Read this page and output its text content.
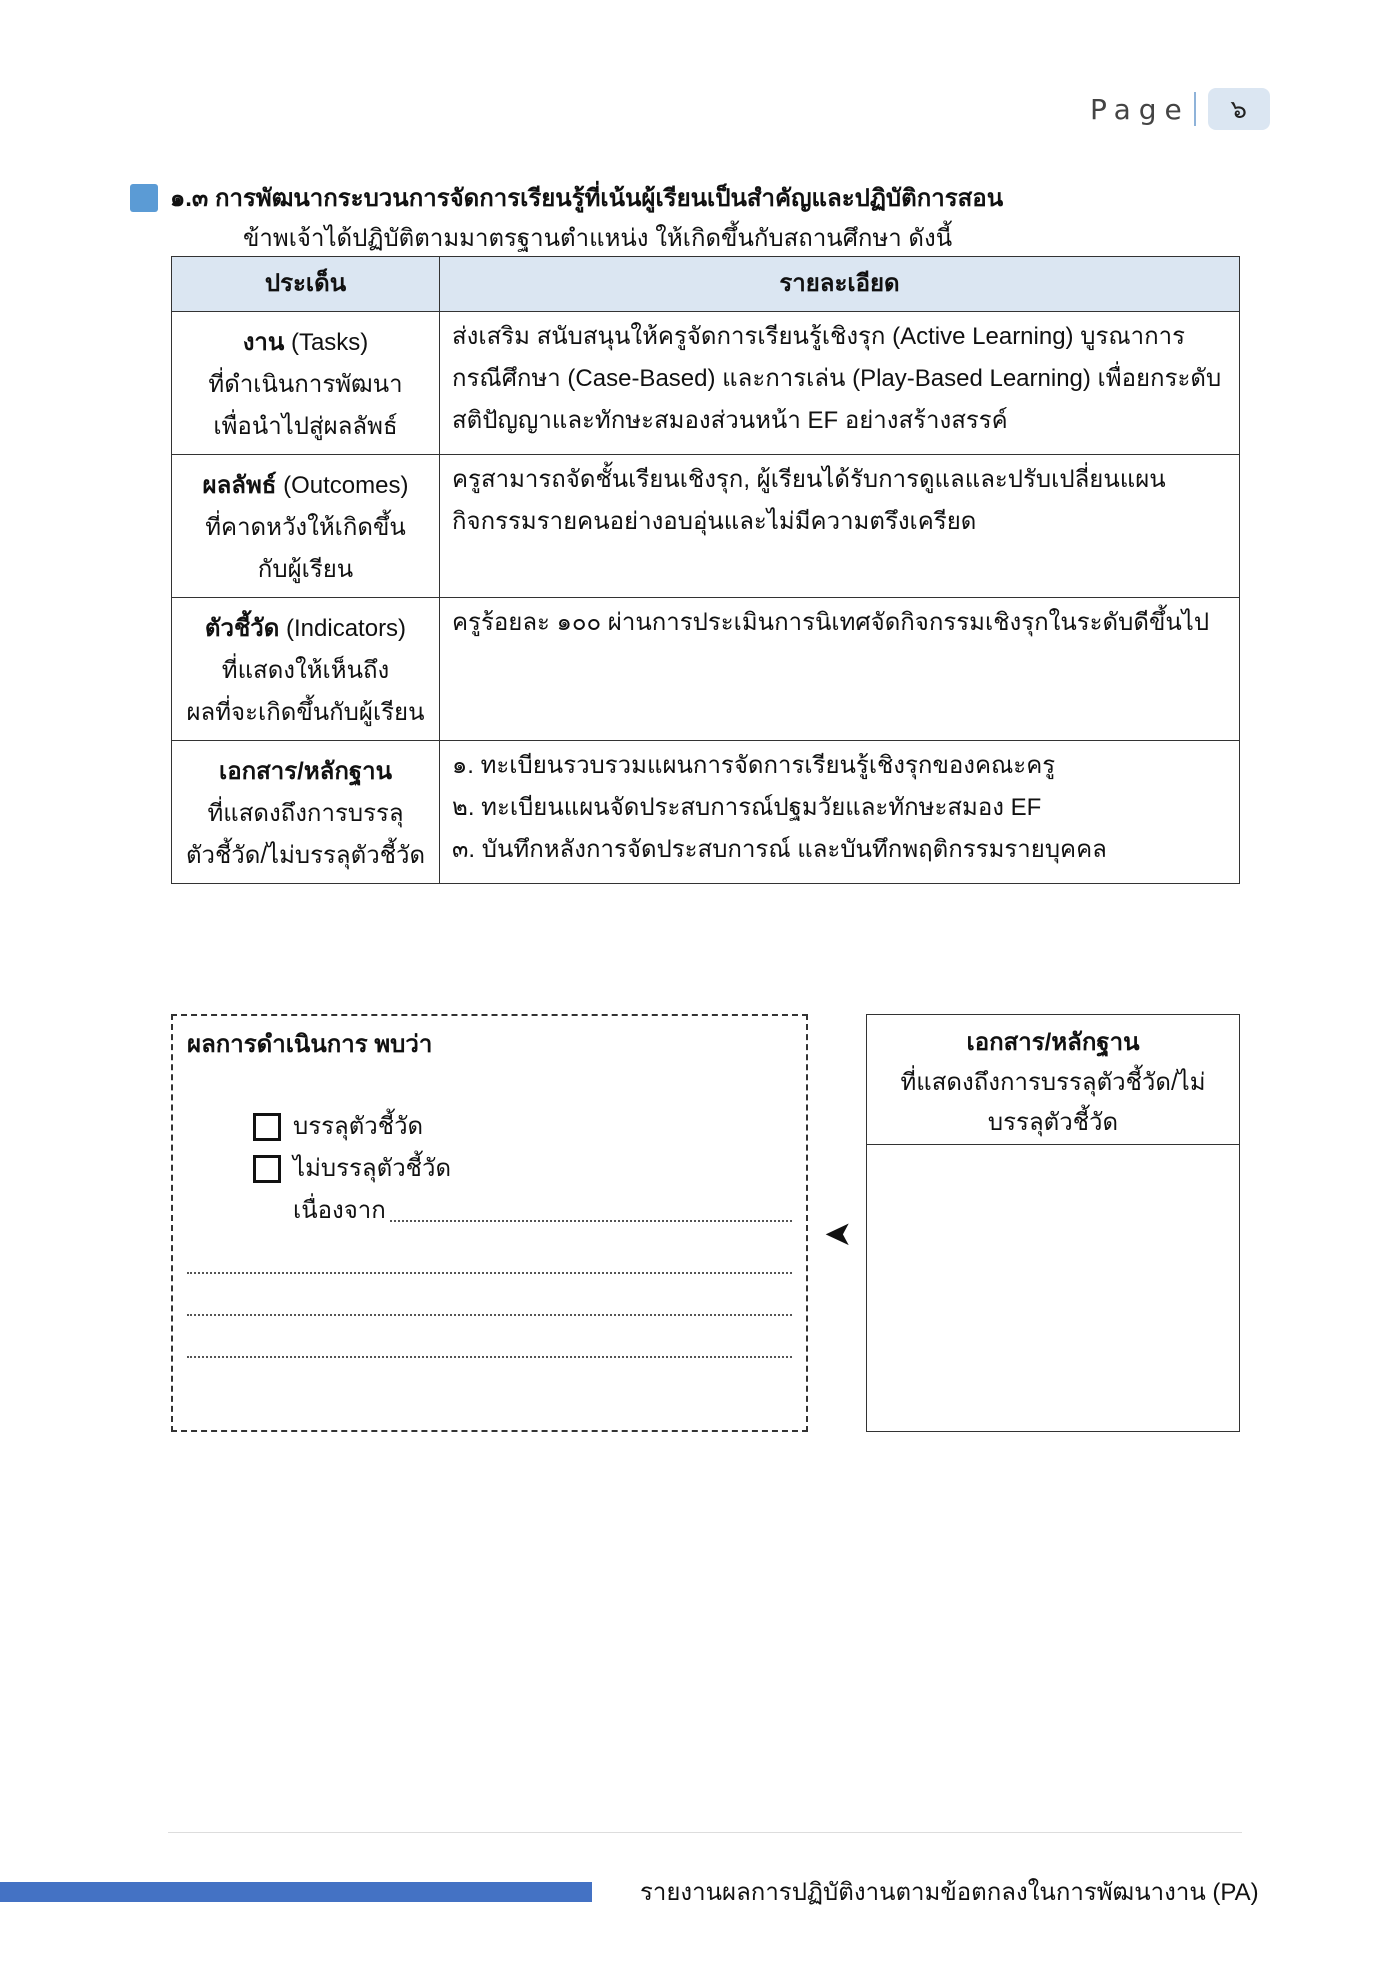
Page	๖
๑.๓ การพัฒนากระบวนการจัดการเรียนรู้ที่เน้นผู้เรียนเป็นสำคัญและปฏิบัติการสอน
ข้าพเจ้าได้ปฏิบัติตามมาตรฐานตำแหน่ง ให้เกิดขึ้นกับสถานศึกษา ดังนี้
ประเด็น	รายละเอียด

งาน (Tasks)
ที่ดำเนินการพัฒนา
เพื่อนำไปสู่ผลลัพธ์	ส่งเสริม สนับสนุนให้ครูจัดการเรียนรู้เชิงรุก (Active Learning) บูรณาการกรณีศึกษา (Case-Based) และการเล่น (Play-Based Learning) เพื่อยกระดับสติปัญญาและทักษะสมองส่วนหน้า EF อย่างสร้างสรรค์

ผลลัพธ์ (Outcomes)
ที่คาดหวังให้เกิดขึ้น
กับผู้เรียน	ครูสามารถจัดชั้นเรียนเชิงรุก, ผู้เรียนได้รับการดูแลและปรับเปลี่ยนแผนกิจกรรมรายคนอย่างอบอุ่นและไม่มีความตรึงเครียด

ตัวชี้วัด (Indicators)
ที่แสดงให้เห็นถึง
ผลที่จะเกิดขึ้นกับผู้เรียน	ครูร้อยละ ๑๐๐ ผ่านการประเมินการนิเทศจัดกิจกรรมเชิงรุกในระดับดีขึ้นไป

เอกสาร/หลักฐาน
ที่แสดงถึงการบรรลุ
ตัวชี้วัด/ไม่บรรลุตัวชี้วัด	๑. ทะเบียนรวบรวมแผนการจัดการเรียนรู้เชิงรุกของคณะครู
๒. ทะเบียนแผนจัดประสบการณ์ปฐมวัยและทักษะสมอง EF
๓. บันทึกหลังการจัดประสบการณ์ และบันทึกพฤติกรรมรายบุคคล
ผลการดำเนินการ พบว่า
บรรลุตัวชี้วัด
ไม่บรรลุตัวชี้วัด
เนื่องจาก
➤
เอกสาร/หลักฐาน
ที่แสดงถึงการบรรลุตัวชี้วัด/ไม่บรรลุตัวชี้วัด
รายงานผลการปฏิบัติงานตามข้อตกลงในการพัฒนางาน (PA)
